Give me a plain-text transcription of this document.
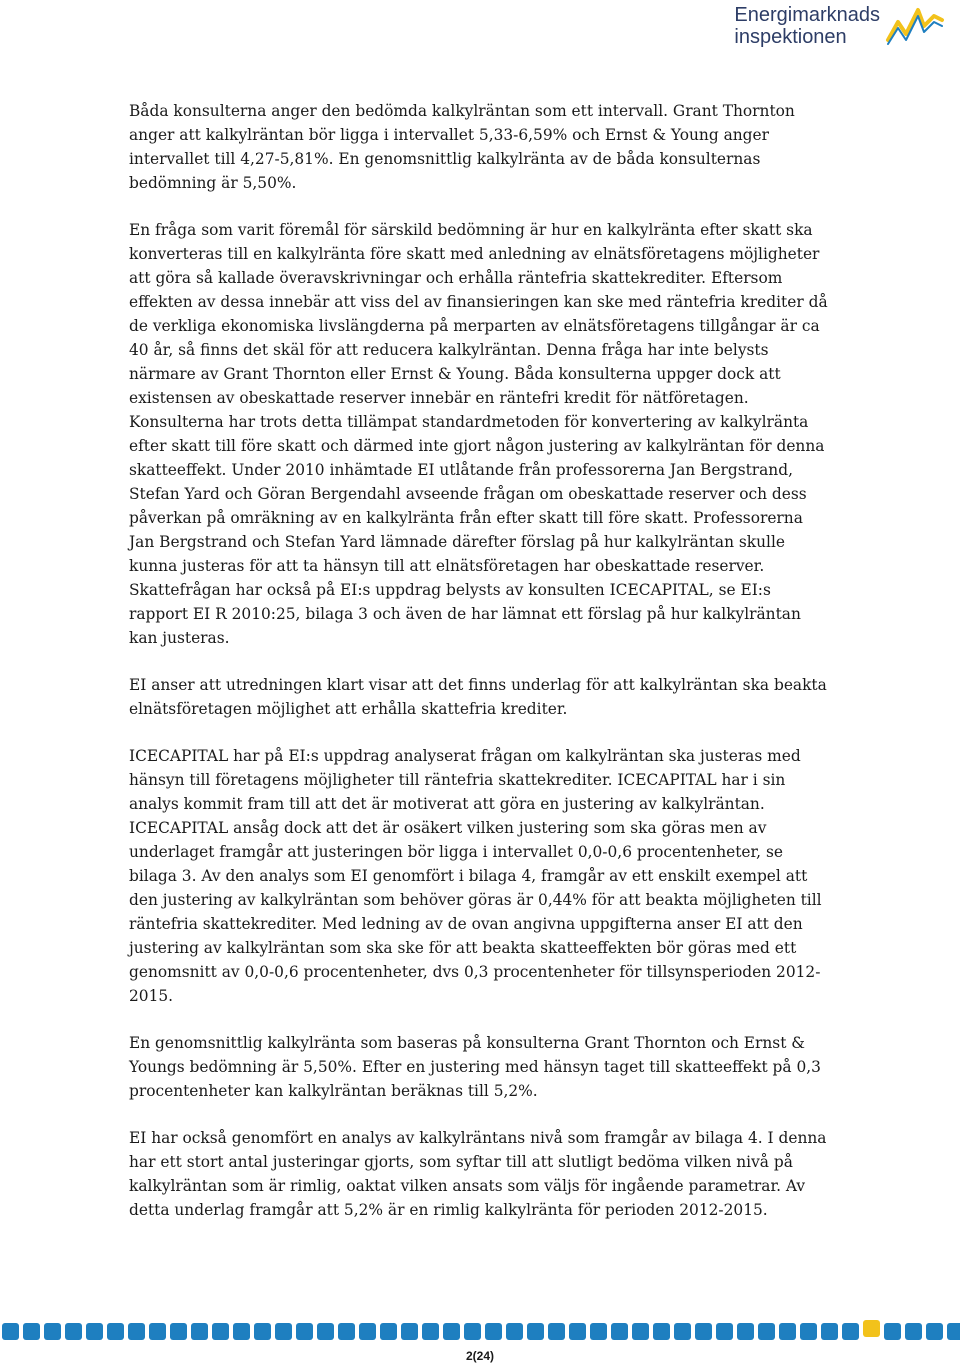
Energimarknads
inspektionen

Båda konsulterna anger den bedömda kalkylräntan som ett intervall. Grant Thornton anger att kalkylräntan bör ligga i intervallet 5,33-6,59% och Ernst & Young anger intervallet till 4,27-5,81%. En genomsnittlig kalkylränta av de båda konsulternas bedömning är 5,50%.

En fråga som varit föremål för särskild bedömning är hur en kalkylränta efter skatt ska konverteras till en kalkylränta före skatt med anledning av elnätsföretagens möjligheter att göra så kallade överavskrivningar och erhålla räntefria skattekrediter. Eftersom effekten av dessa innebär att viss del av finansieringen kan ske med räntefria krediter då de verkliga ekonomiska livslängderna på merparten av elnätsföretagens tillgångar är ca 40 år, så finns det skäl för att reducera kalkylräntan. Denna fråga har inte belysts närmare av Grant Thornton eller Ernst & Young. Båda konsulterna uppger dock att existensen av obeskattade reserver innebär en räntefri kredit för nätföretagen. Konsulterna har trots detta tillämpat standardmetoden för konvertering av kalkylränta efter skatt till före skatt och därmed inte gjort någon justering av kalkylräntan för denna skatteeffekt. Under 2010 inhämtade EI utlåtande från professorerna Jan Bergstrand, Stefan Yard och Göran Bergendahl avseende frågan om obeskattade reserver och dess påverkan på omräkning av en kalkylränta från efter skatt till före skatt. Professorerna Jan Bergstrand och Stefan Yard lämnade därefter förslag på hur kalkylräntan skulle kunna justeras för att ta hänsyn till att elnätsföretagen har obeskattade reserver. Skattefrågan har också på EI:s uppdrag belysts av konsulten ICECAPITAL, se EI:s rapport EI R 2010:25, bilaga 3 och även de har lämnat ett förslag på hur kalkylräntan kan justeras.

EI anser att utredningen klart visar att det finns underlag för att kalkylräntan ska beakta elnätsföretagen möjlighet att erhålla skattefria krediter.

ICECAPITAL har på EI:s uppdrag analyserat frågan om kalkylräntan ska justeras med hänsyn till företagens möjligheter till räntefria skattekrediter. ICECAPITAL har i sin analys kommit fram till att det är motiverat att göra en justering av kalkylräntan. ICECAPITAL ansåg dock att det är osäkert vilken justering som ska göras men av underlaget framgår att justeringen bör ligga i intervallet 0,0-0,6 procentenheter, se bilaga 3. Av den analys som EI genomfört i bilaga 4, framgår av ett enskilt exempel att den justering av kalkylräntan som behöver göras är 0,44% för att beakta möjligheten till räntefria skattekrediter. Med ledning av de ovan angivna uppgifterna anser EI att den justering av kalkylräntan som ska ske för att beakta skatteeffekten bör göras med ett genomsnitt av 0,0-0,6 procentenheter, dvs 0,3 procentenheter för tillsynsperioden 2012-2015.

En genomsnittlig kalkylränta som baseras på konsulterna Grant Thornton och Ernst & Youngs bedömning är 5,50%. Efter en justering med hänsyn taget till skatteeffekt på 0,3 procentenheter kan kalkylräntan beräknas till 5,2%.

EI har också genomfört en analys av kalkylräntans nivå som framgår av bilaga 4. I denna har ett stort antal justeringar gjorts, som syftar till att slutligt bedöma vilken nivå på kalkylräntan som är rimlig, oaktat vilken ansats som väljs för ingående parametrar. Av detta underlag framgår att 5,2% är en rimlig kalkylränta för perioden 2012-2015.

2(24)
